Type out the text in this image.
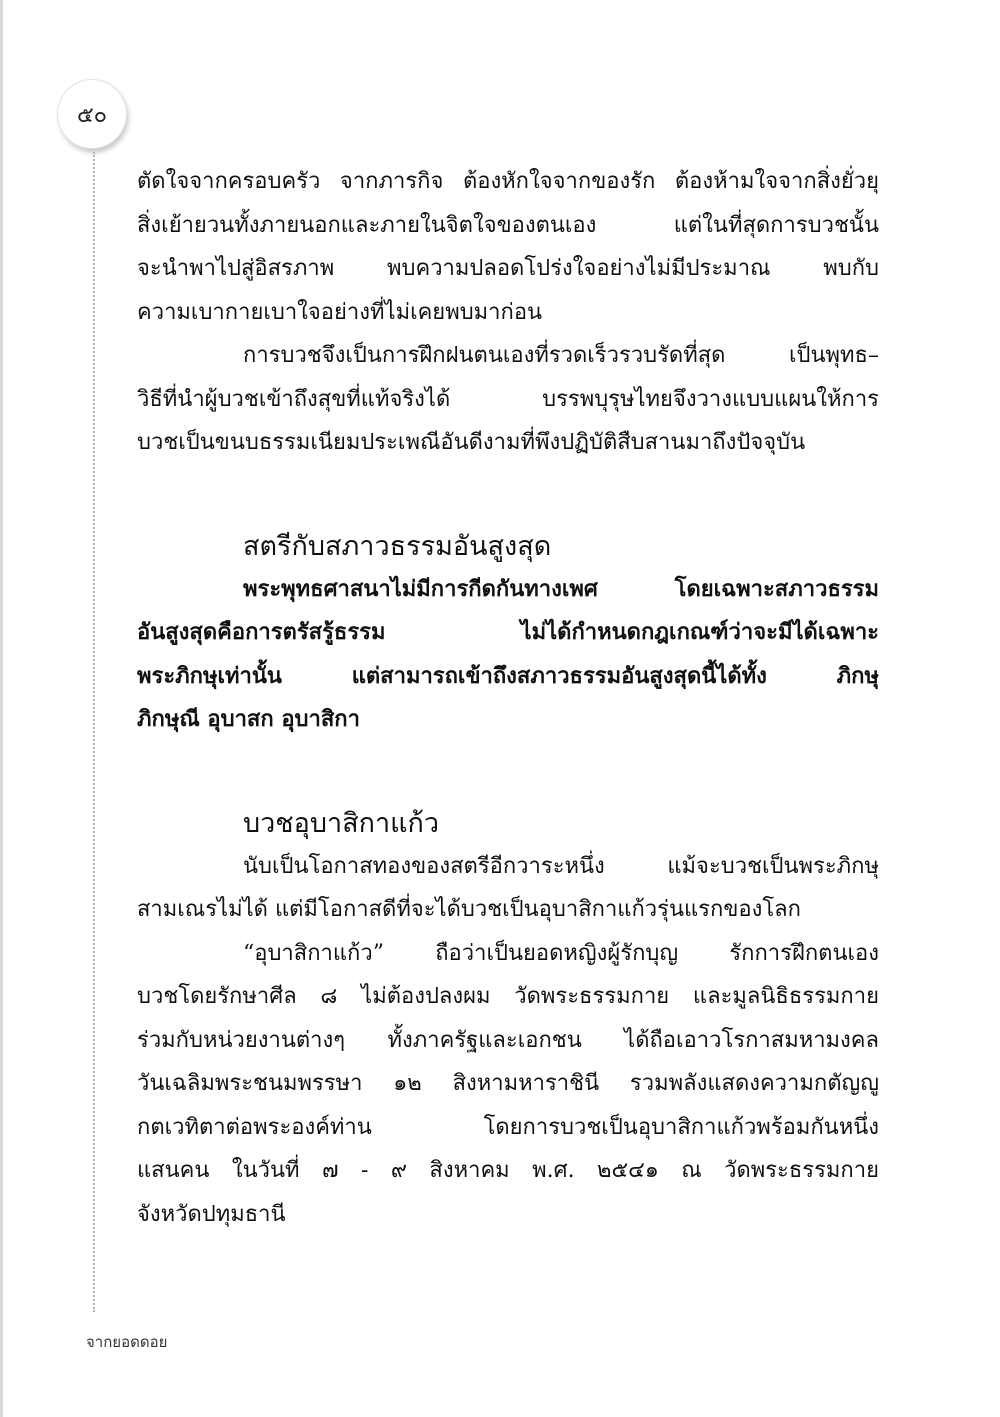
๕๐

ตัดใจจากครอบครัว จากภารกิจ ต้องหักใจจากของรัก ต้องห้ามใจจากสิ่งยั่วยุ

สิ่งเย้ายวนทั้งภายนอกและภายในจิตใจของตนเอง แต่ในที่สุดการบวชนั้น

จะนำพาไปสู่อิสรภาพ พบความปลอดโปร่งใจอย่างไม่มีประมาณ พบกับ

ความเบากายเบาใจอย่างที่ไม่เคยพบมาก่อน

การบวชจึงเป็นการฝึกฝนตนเองที่รวดเร็วรวบรัดที่สุด เป็นพุทธ–

วิธีที่นำผู้บวชเข้าถึงสุขที่แท้จริงได้ บรรพบุรุษไทยจึงวางแบบแผนให้การ

บวชเป็นขนบธรรมเนียมประเพณีอันดีงามที่พึงปฏิบัติสืบสานมาถึงปัจจุบัน

สตรีกับสภาวธรรมอันสูงสุด

พระพุทธศาสนาไม่มีการกีดกันทางเพศ โดยเฉพาะสภาวธรรม

อันสูงสุดคือการตรัสรู้ธรรม ไม่ได้กำหนดกฎเกณฑ์ว่าจะมีได้เฉพาะ

พระภิกษุเท่านั้น แต่สามารถเข้าถึงสภาวธรรมอันสูงสุดนี้ได้ทั้ง ภิกษุ

ภิกษุณี อุบาสก อุบาสิกา

บวชอุบาสิกาแก้ว

นับเป็นโอกาสทองของสตรีอีกวาระหนึ่ง แม้จะบวชเป็นพระภิกษุ

สามเณรไม่ได้ แต่มีโอกาสดีที่จะได้บวชเป็นอุบาสิกาแก้วรุ่นแรกของโลก

“อุบาสิกาแก้ว” ถือว่าเป็นยอดหญิงผู้รักบุญ รักการฝึกตนเอง

บวชโดยรักษาศีล ๘ ไม่ต้องปลงผม วัดพระธรรมกาย และมูลนิธิธรรมกาย

ร่วมกับหน่วยงานต่างๆ ทั้งภาครัฐและเอกชน ได้ถือเอาวโรกาสมหามงคล

วันเฉลิมพระชนมพรรษา ๑๒ สิงหามหาราชินี รวมพลังแสดงความกตัญญู

กตเวทิตาต่อพระองค์ท่าน โดยการบวชเป็นอุบาสิกาแก้วพร้อมกันหนึ่ง

แสนคน ในวันที่ ๗ - ๙ สิงหาคม พ.ศ. ๒๕๔๑ ณ วัดพระธรรมกาย

จังหวัดปทุมธานี

จากยอดดอย
